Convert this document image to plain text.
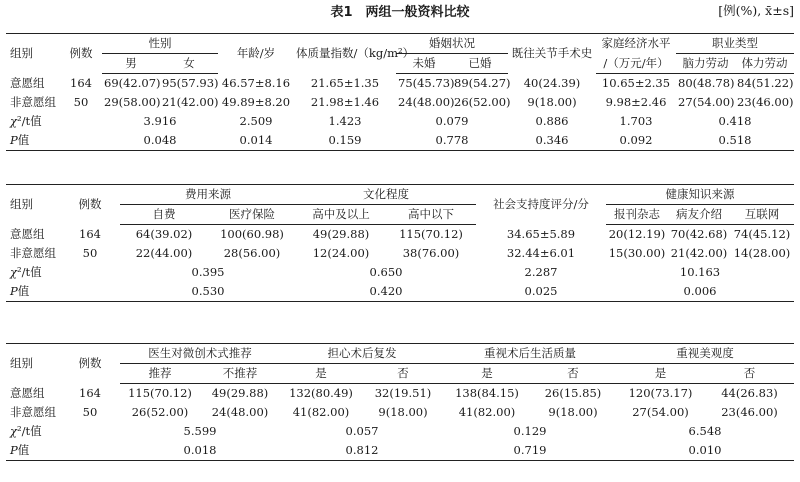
表1　两组一般资料比较	[例(%), x̄±s]
组别	例数	性别		年龄/岁	体质量指数/（kg/m²）	婚姻状况		既往关节手术史	家庭经济水平	职业类型	
		男	女			未婚	已婚		/（万元/年）	脑力劳动	体力劳动
意愿组	164	69(42.07)	95(57.93)	46.57±8.16	21.65±1.35	75(45.73)	89(54.27)	40(24.39)	10.65±2.35	80(48.78)	84(51.22)
非意愿组	50	29(58.00)	21(42.00)	49.89±8.20	21.98±1.46	24(48.00)	26(52.00)	9(18.00)	9.98±2.46	27(54.00)	23(46.00)
χ²/t值		3.916		2.509	1.423	0.079		0.886	1.703	0.418	
P值		0.048		0.014	0.159	0.778		0.346	0.092	0.518	
组别	例数	费用来源		文化程度		社会支持度评分/分	健康知识来源		
		自费	医疗保险	高中及以上	高中以下		报刊杂志	病友介绍	互联网
意愿组	164	64(39.02)	100(60.98)	49(29.88)	115(70.12)	34.65±5.89	20(12.19)	70(42.68)	74(45.12)
非意愿组	50	22(44.00)	28(56.00)	12(24.00)	38(76.00)	32.44±6.01	15(30.00)	21(42.00)	14(28.00)
χ²/t值		0.395		0.650		2.287	10.163		
P值		0.530		0.420		0.025	0.006		
组别	例数	医生对微创术式推荐		担心术后复发		重视术后生活质量		重视美观度	
		推荐	不推荐	是	否	是	否	是	否
意愿组	164	115(70.12)	49(29.88)	132(80.49)	32(19.51)	138(84.15)	26(15.85)	120(73.17)	44(26.83)
非意愿组	50	26(52.00)	24(48.00)	41(82.00)	9(18.00)	41(82.00)	9(18.00)	27(54.00)	23(46.00)
χ²/t值		5.599		0.057		0.129		6.548	
P值		0.018		0.812		0.719		0.010	
